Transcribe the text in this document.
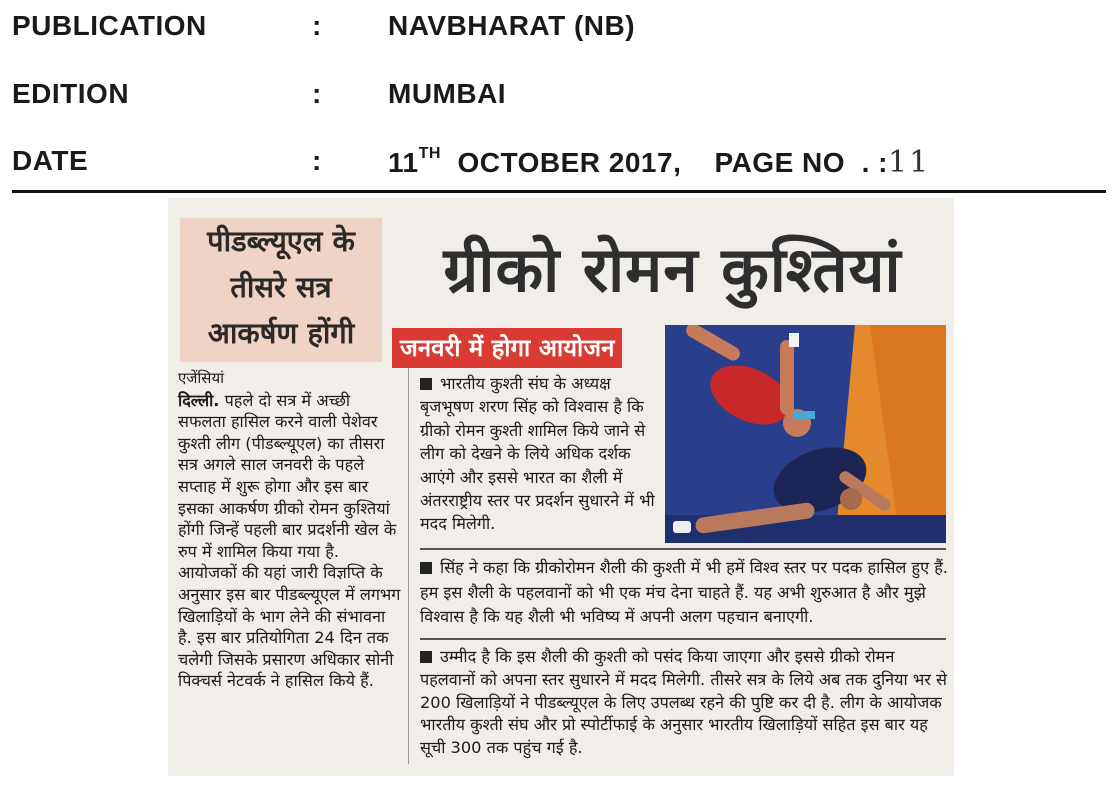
PUBLICATION	: NAVBHARAT (NB)
EDITION	: MUMBAI
DATE	: 11TH OCTOBER 2017, PAGE NO . :11
पीडब्ल्यूएल के
तीसरे सत्र
आकर्षण होंगी
ग्रीको रोमन कुश्तियां
जनवरी में होगा आयोजन

एजेंसियां

दिल्ली. पहले दो सत्र में अच्छी सफलता हासिल करने वाली पेशेवर कुश्ती लीग (पीडब्ल्यूएल) का तीसरा सत्र अगले साल जनवरी के पहले सप्ताह में शुरू होगा और इस बार इसका आकर्षण ग्रीको रोमन कुश्तियां होंगी जिन्हें पहली बार प्रदर्शनी खेल के रुप में शामिल किया गया है. आयोजकों की यहां जारी विज्ञप्ति के अनुसार इस बार पीडब्ल्यूएल में लगभग खिलाड़ियों के भाग लेने की संभावना है. इस बार प्रतियोगिता 24 दिन तक चलेगी जिसके प्रसारण अधिकार सोनी पिक्चर्स नेटवर्क ने हासिल किये हैं.

भारतीय कुश्ती संघ के अध्यक्ष बृजभूषण शरण सिंह को विश्वास है कि ग्रीको रोमन कुश्ती शामिल किये जाने से लीग को देखने के लिये अधिक दर्शक आएंगे और इससे भारत का शैली में अंतरराष्ट्रीय स्तर पर प्रदर्शन सुधारने में भी मदद मिलेगी.
सिंह ने कहा कि ग्रीकोरोमन शैली की कुश्ती में भी हमें विश्व स्तर पर पदक हासिल हुए हैं. हम इस शैली के पहलवानों को भी एक मंच देना चाहते हैं. यह अभी शुरुआत है और मुझे विश्वास है कि यह शैली भी भविष्य में अपनी अलग पहचान बनाएगी.
उम्मीद है कि इस शैली की कुश्ती को पसंद किया जाएगा और इससे ग्रीको रोमन पहलवानों को अपना स्तर सुधारने में मदद मिलेगी. तीसरे सत्र के लिये अब तक दुनिया भर से 200 खिलाड़ियों ने पीडब्ल्यूएल के लिए उपलब्ध रहने की पुष्टि कर दी है. लीग के आयोजक भारतीय कुश्ती संघ और प्रो स्पोर्टीफाई के अनुसार भारतीय खिलाड़ियों सहित इस बार यह सूची 300 तक पहुंच गई है.
